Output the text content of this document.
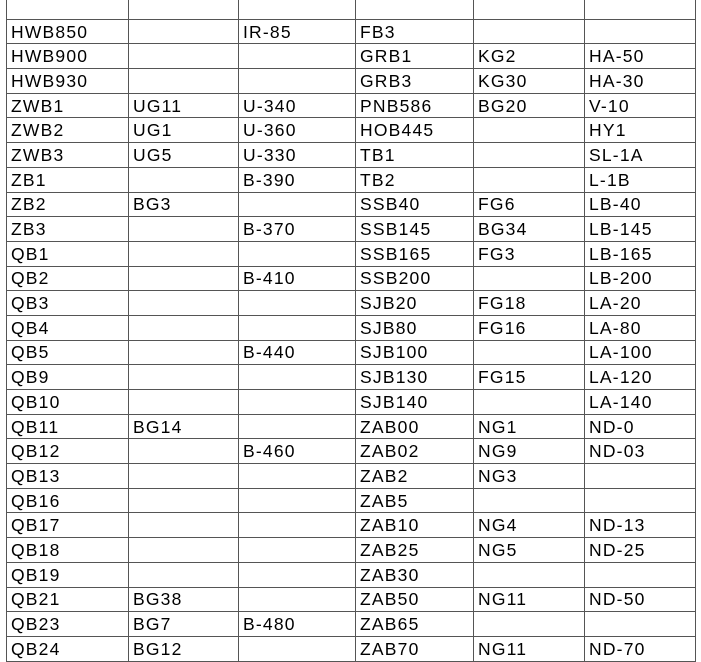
HWB850		IR-85	FB3		
HWB900			GRB1	KG2	HA-50
HWB930			GRB3	KG30	HA-30
ZWB1	UG11	U-340	PNB586	BG20	V-10
ZWB2	UG1	U-360	HOB445		HY1
ZWB3	UG5	U-330	TB1		SL-1A
ZB1		B-390	TB2		L-1B
ZB2	BG3		SSB40	FG6	LB-40
ZB3		B-370	SSB145	BG34	LB-145
QB1			SSB165	FG3	LB-165
QB2		B-410	SSB200		LB-200
QB3			SJB20	FG18	LA-20
QB4			SJB80	FG16	LA-80
QB5		B-440	SJB100		LA-100
QB9			SJB130	FG15	LA-120
QB10			SJB140		LA-140
QB11	BG14		ZAB00	NG1	ND-0
QB12		B-460	ZAB02	NG9	ND-03
QB13			ZAB2	NG3	
QB16			ZAB5		
QB17			ZAB10	NG4	ND-13
QB18			ZAB25	NG5	ND-25
QB19			ZAB30		
QB21	BG38		ZAB50	NG11	ND-50
QB23	BG7	B-480	ZAB65		
QB24	BG12		ZAB70	NG11	ND-70
